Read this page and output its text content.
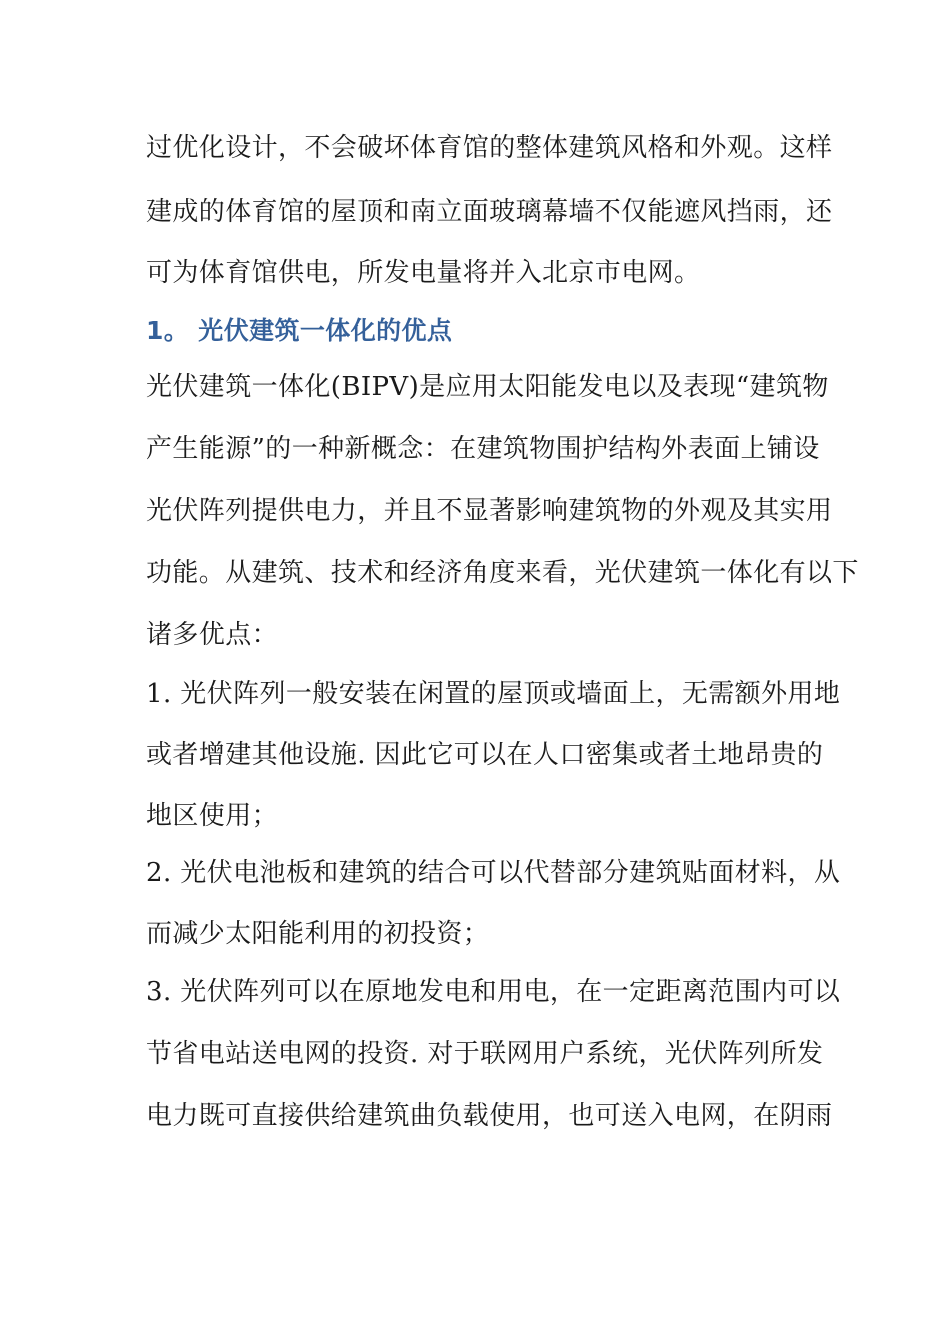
过优化设计，不会破坏体育馆的整体建筑风格和外观。这样
建成的体育馆的屋顶和南立面玻璃幕墙不仅能遮风挡雨，还
可为体育馆供电，所发电量将并入北京市电网。
1。 光伏建筑一体化的优点
光伏建筑一体化(BIPV)是应用太阳能发电以及表现“建筑物
产生能源”的一种新概念：在建筑物围护结构外表面上铺设
光伏阵列提供电力，并且不显著影响建筑物的外观及其实用
功能。从建筑、技术和经济角度来看，光伏建筑一体化有以下
诸多优点：
1. 光伏阵列一般安装在闲置的屋顶或墙面上，无需额外用地
或者增建其他设施. 因此它可以在人口密集或者土地昂贵的
地区使用；
2. 光伏电池板和建筑的结合可以代替部分建筑贴面材料，从
而减少太阳能利用的初投资；
3. 光伏阵列可以在原地发电和用电，在一定距离范围内可以
节省电站送电网的投资. 对于联网用户系统，光伏阵列所发
电力既可直接供给建筑曲负载使用，也可送入电网，在阴雨
